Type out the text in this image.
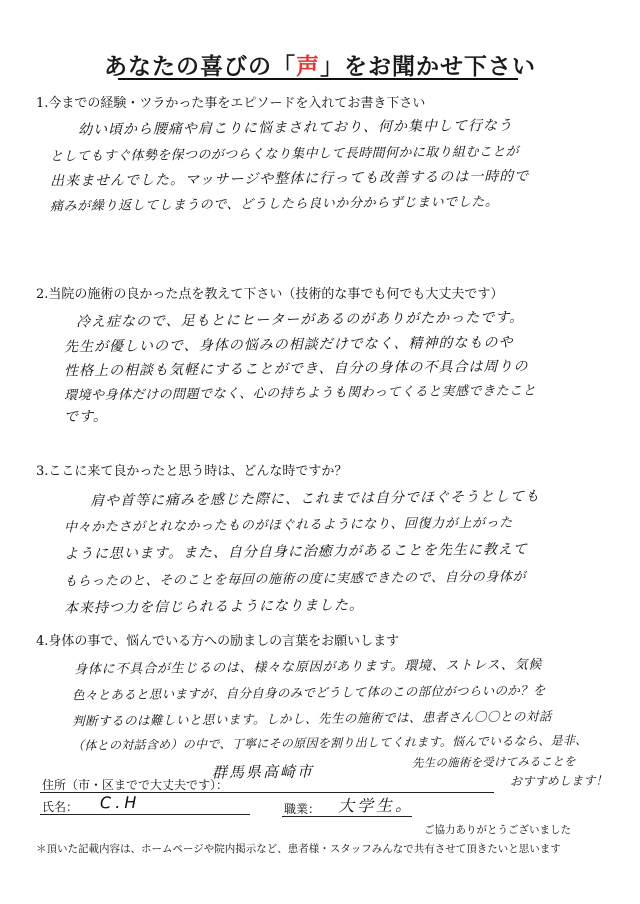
あなたの喜びの「声」をお聞かせ下さい
1.今までの経験・ツラかった事をエピソードを入れてお書き下さい
幼い頃から腰痛や肩こりに悩まされており、何か集中して行なう
としてもすぐ体勢を保つのがつらくなり集中して長時間何かに取り組むことが
出来ませんでした。マッサージや整体に行っても改善するのは一時的で
痛みが繰り返してしまうので、どうしたら良いか分からずじまいでした。
2.当院の施術の良かった点を教えて下さい（技術的な事でも何でも大丈夫です）
冷え症なので、足もとにヒーターがあるのがありがたかったです。
先生が優しいので、身体の悩みの相談だけでなく、精神的なものや
性格上の相談も気軽にすることができ、自分の身体の不具合は周りの
環境や身体だけの問題でなく、心の持ちようも関わってくると実感できたこと
です。
3.ここに来て良かったと思う時は、どんな時ですか？
肩や首等に痛みを感じた際に、これまでは自分でほぐそうとしても
中々かたさがとれなかったものがほぐれるようになり、回復力が上がった
ように思います。また、自分自身に治癒力があることを先生に教えて
もらったのと、そのことを毎回の施術の度に実感できたので、自分の身体が
本来持つ力を信じられるようになりました。
4.身体の事で、悩んでいる方への励ましの言葉をお願いします
身体に不具合が生じるのは、様々な原因があります。環境、ストレス、気候
色々とあると思いますが、自分自身のみでどうして体のこの部位がつらいのか？を
判断するのは難しいと思います。しかし、先生の施術では、患者さん〇〇との対話
（体との対話含め）の中で、丁寧にその原因を割り出してくれます。悩んでいるなら、是非、
先生の施術を受けてみることを
おすすめします！
住所（市・区までで大丈夫です）：
群馬県高崎市
氏名： C.H	職業： 大学生。
ご協力ありがとうございました
＊頂いた記載内容は、ホームページや院内掲示など、患者様・スタッフみんなで共有させて頂きたいと思います
